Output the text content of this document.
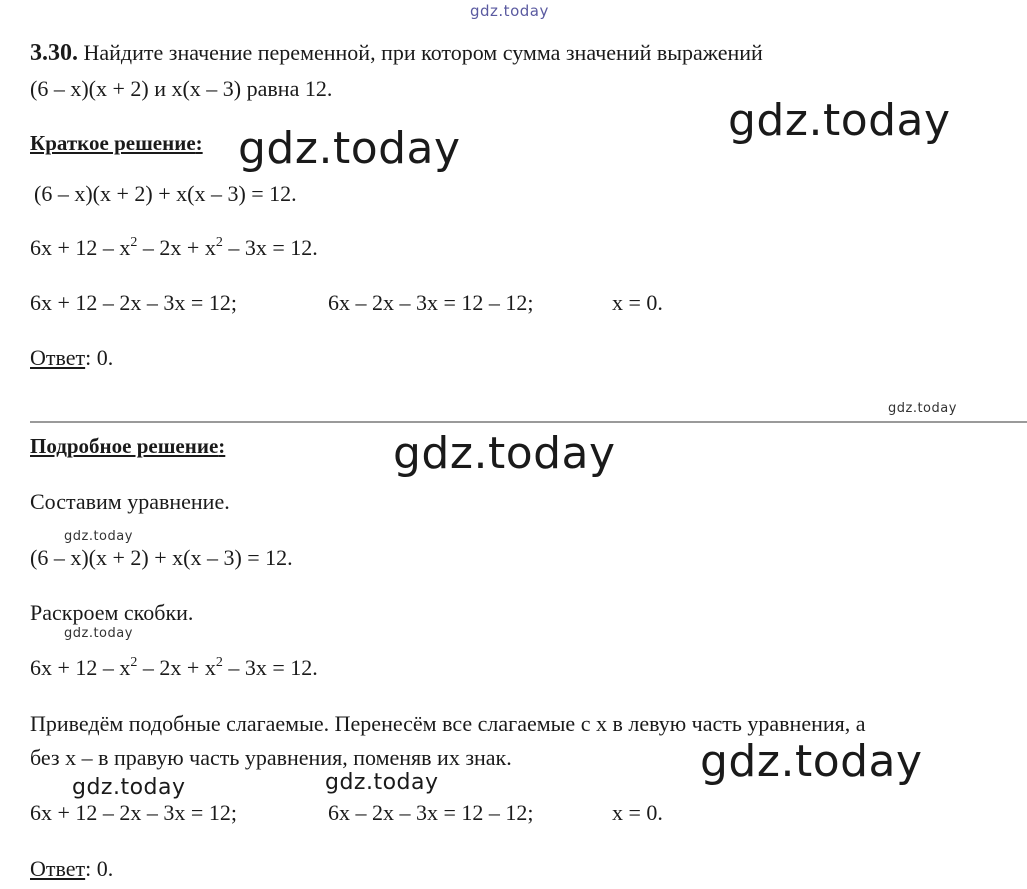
gdz.today
gdz.today
gdz.today
gdz.today
gdz.today
gdz.today
gdz.today
gdz.today
gdz.today	gdz.today
3.30. Найдите значение переменной, при котором сумма значений выражений
(6 – x)(x + 2) и x(x – 3) равна 12.
Краткое решение:
(6 – x)(x + 2) + x(x – 3) = 12.
$6x + 12 - x^2 - 2x + x^2 - 3x = 12$.
6x + 12 – 2x – 3x = 12;	6x – 2x – 3x = 12 – 12;	x = 0.
Ответ: 0.
Подробное решение:
Составим уравнение.
(6 – x)(x + 2) + x(x – 3) = 12.
Раскроем скобки.
$6x + 12 - x^2 - 2x + x^2 - 3x = 12$.
Приведём подобные слагаемые. Перенесём все слагаемые с x в левую часть уравнения, а
без x – в правую часть уравнения, поменяв их знак.
6x + 12 – 2x – 3x = 12;	6x – 2x – 3x = 12 – 12;	x = 0.
Ответ: 0.
